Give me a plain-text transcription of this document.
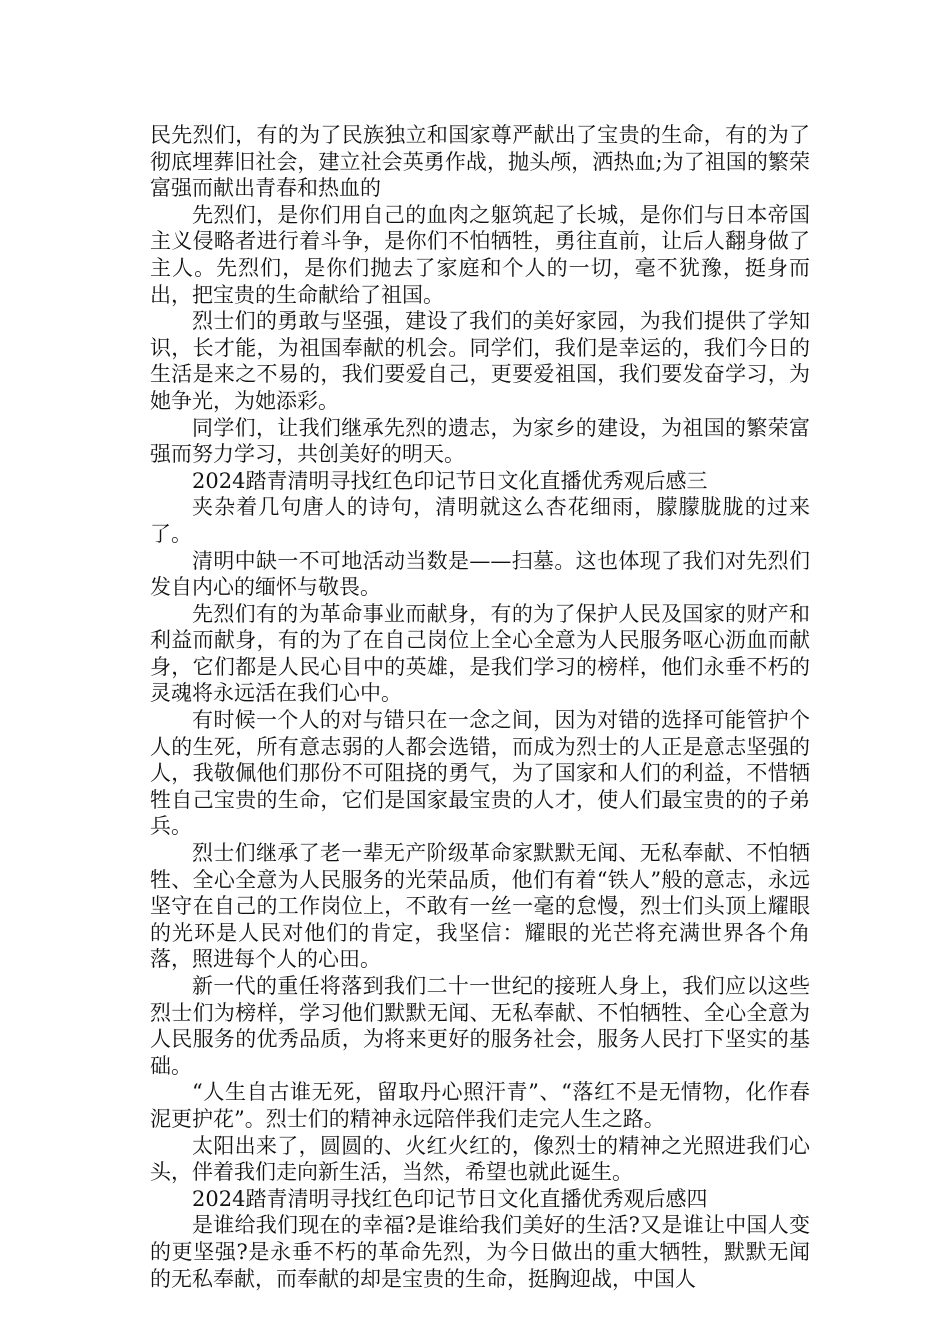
民先烈们，有的为了民族独立和国家尊严献出了宝贵的生命，有的为了彻底埋葬旧社会，建立社会英勇作战，抛头颅，洒热血;为了祖国的繁荣富强而献出青春和热血的

先烈们，是你们用自己的血肉之躯筑起了长城，是你们与日本帝国主义侵略者进行着斗争，是你们不怕牺牲，勇往直前，让后人翻身做了主人。先烈们，是你们抛去了家庭和个人的一切，毫不犹豫，挺身而出，把宝贵的生命献给了祖国。

烈士们的勇敢与坚强，建设了我们的美好家园，为我们提供了学知识，长才能，为祖国奉献的机会。同学们，我们是幸运的，我们今日的生活是来之不易的，我们要爱自己，更要爱祖国，我们要发奋学习，为她争光，为她添彩。

同学们，让我们继承先烈的遗志，为家乡的建设，为祖国的繁荣富强而努力学习，共创美好的明天。

2024踏青清明寻找红色印记节日文化直播优秀观后感三

夹杂着几句唐人的诗句，清明就这么杏花细雨，朦朦胧胧的过来了。

清明中缺一不可地活动当数是——扫墓。这也体现了我们对先烈们发自内心的缅怀与敬畏。

先烈们有的为革命事业而献身，有的为了保护人民及国家的财产和利益而献身，有的为了在自己岗位上全心全意为人民服务呕心沥血而献身，它们都是人民心目中的英雄，是我们学习的榜样，他们永垂不朽的灵魂将永远活在我们心中。

有时候一个人的对与错只在一念之间，因为对错的选择可能管护个人的生死，所有意志弱的人都会选错，而成为烈士的人正是意志坚强的人，我敬佩他们那份不可阻挠的勇气，为了国家和人们的利益，不惜牺牲自己宝贵的生命，它们是国家最宝贵的人才，使人们最宝贵的的子弟兵。

烈士们继承了老一辈无产阶级革命家默默无闻、无私奉献、不怕牺牲、全心全意为人民服务的光荣品质，他们有着“铁人”般的意志，永远坚守在自己的工作岗位上，不敢有一丝一毫的怠慢，烈士们头顶上耀眼的光环是人民对他们的肯定，我坚信：耀眼的光芒将充满世界各个角落，照进每个人的心田。

新一代的重任将落到我们二十一世纪的接班人身上，我们应以这些烈士们为榜样，学习他们默默无闻、无私奉献、不怕牺牲、全心全意为人民服务的优秀品质，为将来更好的服务社会，服务人民打下坚实的基础。

“人生自古谁无死，留取丹心照汗青”、“落红不是无情物，化作春泥更护花”。烈士们的精神永远陪伴我们走完人生之路。

太阳出来了，圆圆的、火红火红的，像烈士的精神之光照进我们心头，伴着我们走向新生活，当然，希望也就此诞生。

2024踏青清明寻找红色印记节日文化直播优秀观后感四

是谁给我们现在的幸福?是谁给我们美好的生活?又是谁让中国人变的更坚强?是永垂不朽的革命先烈，为今日做出的重大牺牲，默默无闻的无私奉献，而奉献的却是宝贵的生命，挺胸迎战，中国人
